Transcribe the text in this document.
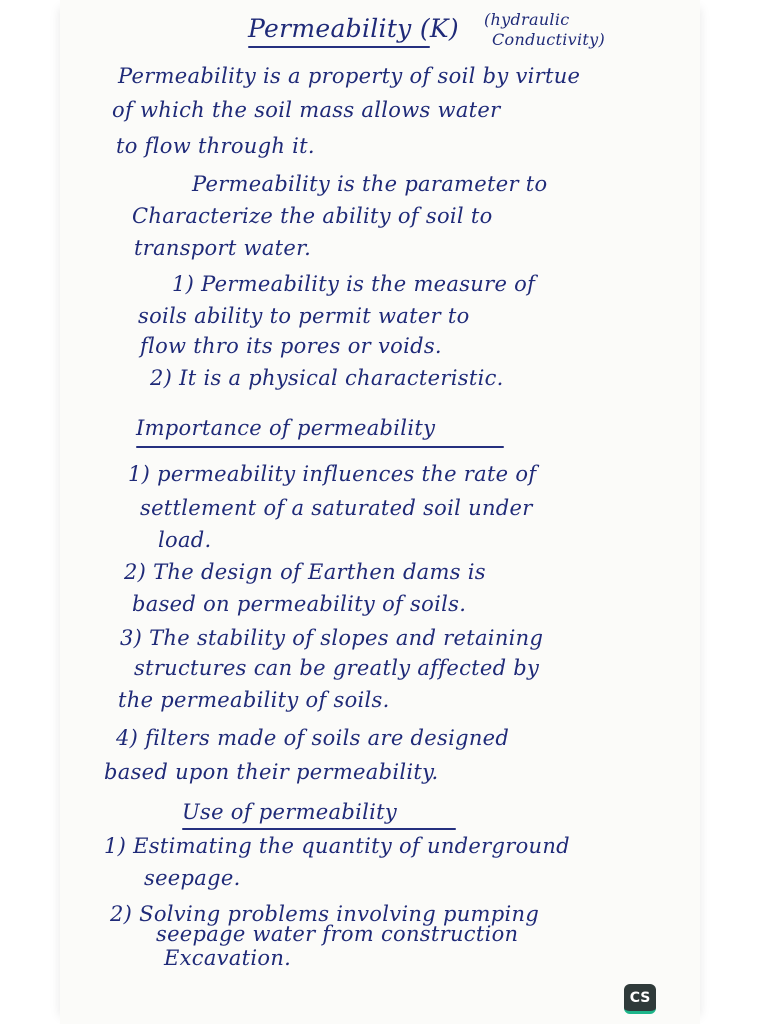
Permeability (K) (hydraulic
Conductivity)
Permeability is a property of soil by virtue
of which the soil mass allows water
to flow through it.
Permeability is the parameter to
Characterize the ability of soil to
transport water.
1) Permeability is the measure of
soils ability to permit water to
flow thro its pores or voids.
2) It is a physical characteristic.
Importance of permeability
1) permeability influences the rate of
settlement of a saturated soil under
load.
2) The design of Earthen dams is
based on permeability of soils.
3) The stability of slopes and retaining
structures can be greatly affected by
the permeability of soils.
4) filters made of soils are designed
based upon their permeability.
Use of permeability
1) Estimating the quantity of underground
seepage.
2) Solving problems involving pumping
seepage water from construction
Excavation.
CS
